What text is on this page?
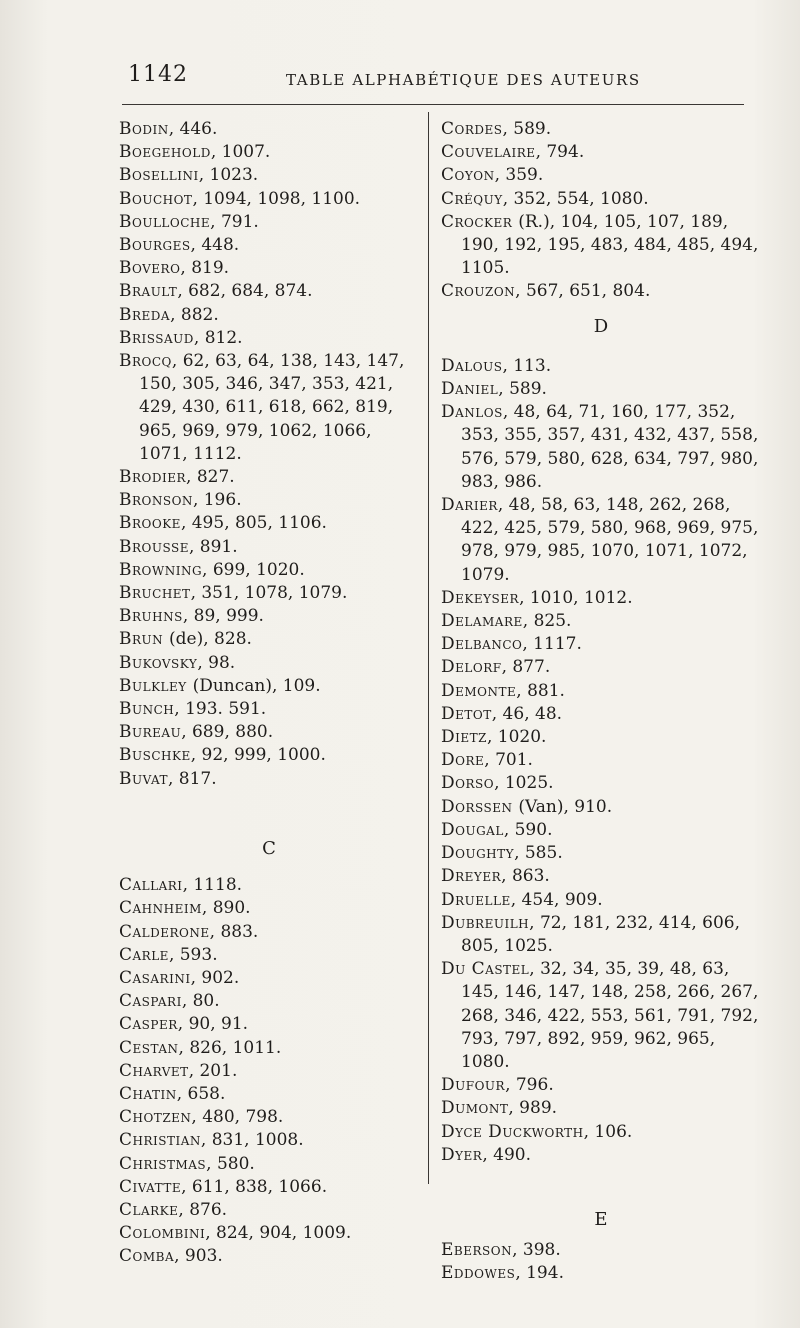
1142	TABLE ALPHABÉTIQUE DES AUTEURS

Bodin, 446.

Boegehold, 1007.

Bosellini, 1023.

Bouchot, 1094, 1098, 1100.

Boulloche, 791.

Bourges, 448.

Bovero, 819.

Brault, 682, 684, 874.

Breda, 882.

Brissaud, 812.

Brocq, 62, 63, 64, 138, 143, 147, 150, 305, 346, 347, 353, 421, 429, 430, 611, 618, 662, 819, 965, 969, 979, 1062, 1066, 1071, 1112.

Brodier, 827.

Bronson, 196.

Brooke, 495, 805, 1106.

Brousse, 891.

Browning, 699, 1020.

Bruchet, 351, 1078, 1079.

Bruhns, 89, 999.

Brun (de), 828.

Bukovsky, 98.

Bulkley (Duncan), 109.

Bunch, 193. 591.

Bureau, 689, 880.

Buschke, 92, 999, 1000.

Buvat, 817.

C

Callari, 1118.

Cahnheim, 890.

Calderone, 883.

Carle, 593.

Casarini, 902.

Caspari, 80.

Casper, 90, 91.

Cestan, 826, 1011.

Charvet, 201.

Chatin, 658.

Chotzen, 480, 798.

Christian, 831, 1008.

Christmas, 580.

Civatte, 611, 838, 1066.

Clarke, 876.

Colombini, 824, 904, 1009.

Comba, 903.

Cordes, 589.

Couvelaire, 794.

Coyon, 359.

Créquy, 352, 554, 1080.

Crocker (R.), 104, 105, 107, 189, 190, 192, 195, 483, 484, 485, 494, 1105.

Crouzon, 567, 651, 804.

D

Dalous, 113.

Daniel, 589.

Danlos, 48, 64, 71, 160, 177, 352, 353, 355, 357, 431, 432, 437, 558, 576, 579, 580, 628, 634, 797, 980, 983, 986.

Darier, 48, 58, 63, 148, 262, 268, 422, 425, 579, 580, 968, 969, 975, 978, 979, 985, 1070, 1071, 1072, 1079.

Dekeyser, 1010, 1012.

Delamare, 825.

Delbanco, 1117.

Delorf, 877.

Demonte, 881.

Detot, 46, 48.

Dietz, 1020.

Dore, 701.

Dorso, 1025.

Dorssen (Van), 910.

Dougal, 590.

Doughty, 585.

Dreyer, 863.

Druelle, 454, 909.

Dubreuilh, 72, 181, 232, 414, 606, 805, 1025.

Du Castel, 32, 34, 35, 39, 48, 63, 145, 146, 147, 148, 258, 266, 267, 268, 346, 422, 553, 561, 791, 792, 793, 797, 892, 959, 962, 965, 1080.

Dufour, 796.

Dumont, 989.

Dyce Duckworth, 106.

Dyer, 490.

E

Eberson, 398.

Eddowes, 194.
